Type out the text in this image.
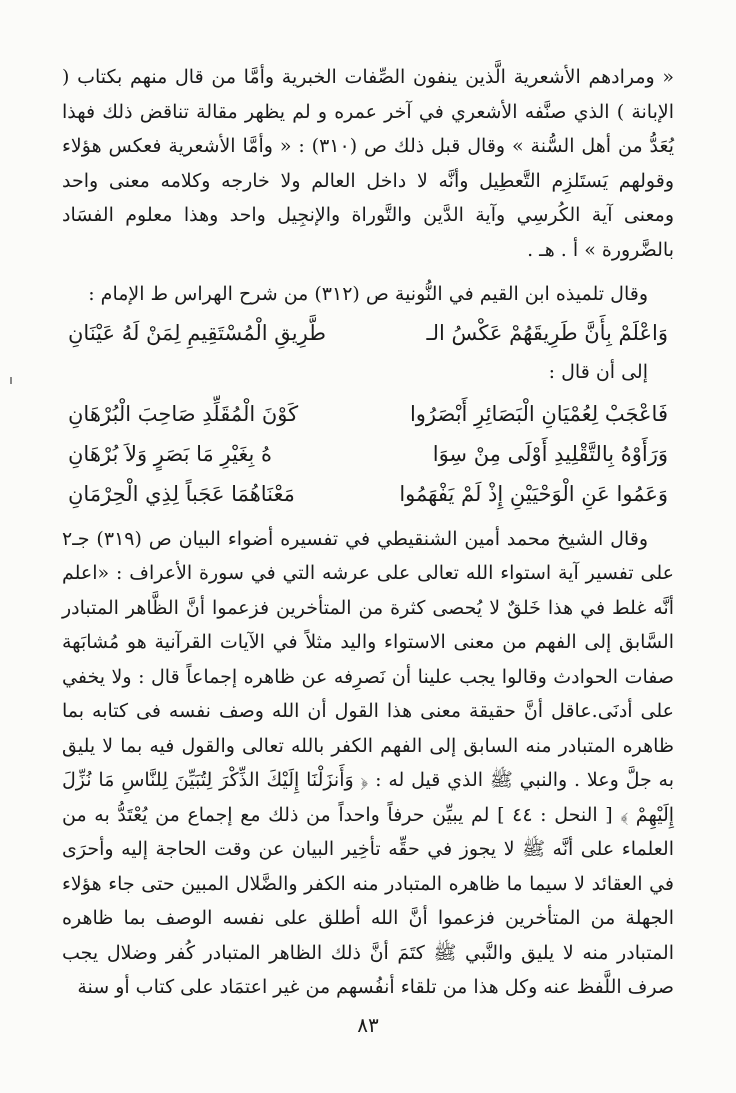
« ومرادهم الأشعرية الَّذين ينفون الصِّفات الخبرية وأمَّا من قال منهم بكتاب ( الإبانة ) الذي صنَّفه الأشعري في آخر عمره و لم يظهر مقالة تناقض ذلك فهذا يُعَدُّ من أهل السُّنة » وقال قبل ذلك ص (٣١٠) : « وأمَّا الأشعرية فعكس هؤلاء وقولهم يَستَلزِم التَّعطِيل وأنَّه لا داخل العالم ولا خارجه وكلامه معنى واحد ومعنى آية الكُرسِي وآية الدَّين والتَّوراة والإنجِيل واحد وهذا معلوم الفسَاد بالضَّرورة » أ . هـ .

وقال تلميذه ابن القيم في النُّونية ص (٣١٢) من شرح الهراس ط الإمام :

وَاعْلَمْ بِأَنَّ طَرِيقَهُمْ عَكْسُ الـ
طَّرِيقِ الْمُسْتَقِيمِ لِمَنْ لَهُ عَيْنَانِ

إلى أن قال :

فَاعْجَبْ لِعُمْيَانِ الْبَصَائِرِ أَبْصَرُوا
كَوْنَ الْمُقَلِّدِ صَاحِبَ الْبُرْهَانِ
وَرَأَوْهُ بِالتَّقْلِيدِ أَوْلَى مِنْ سِوَا
هُ بِغَيْرِ مَا بَصَرٍ وَلاَ بُرْهَانِ
وَعَمُوا عَنِ الْوَحْيَيْنِ إِذْ لَمْ يَفْهَمُوا
مَعْنَاهُمَا عَجَباً لِذِي الْحِرْمَانِ

وقال الشيخ محمد أمين الشنقيطي في تفسيره أضواء البيان ص (٣١٩) جـ٢ على تفسير آية استواء الله تعالى على عرشه التي في سورة الأعراف : «اعلم أنَّه غلط في هذا خَلقٌ لا يُحصى كثرة من المتأخرين فزعموا أنَّ الظَّاهر المتبادر السَّابق إلى الفهم من معنى الاستواء واليد مثلاً في الآيات القرآنية هو مُشابَهة صفات الحوادث وقالوا يجب علينا أن نَصرِفه عن ظاهره إجماعاً قال : ولا يخفي على أدنَى.عاقل أنَّ حقيقة معنى هذا القول أن الله وصف نفسه فى كتابه بما ظاهره المتبادر منه السابق إلى الفهم الكفر بالله تعالى والقول فيه بما لا يليق به جلَّ وعلا . والنبي ﷺ الذي قيل له : ﴿ وَأَنزَلْنَا إِلَيْكَ الذِّكْرَ لِتُبَيِّنَ لِلنَّاسِ مَا نُزِّلَ إِلَيْهِمْ ﴾ [ النحل : ٤٤ ] لم يبيِّن حرفاً واحداً من ذلك مع إجماع من يُعْتَدُّ به من العلماء على أنَّه ﷺ لا يجوز في حقِّه تأخِير البيان عن وقت الحاجة إليه وأحرَى في العقائد لا سيما ما ظاهره المتبادر منه الكفر والضَّلال المبين حتى جاء هؤلاء الجهلة من المتأخرين فزعموا أنَّ الله أطلق على نفسه الوصف بما ظاهره المتبادر منه لا يليق والنَّبي ﷺ كتَمَ أنَّ ذلك الظاهر المتبادر كُفر وضلال يجب صرف اللَّفظ عنه وكل هذا من تلقاء أنفُسهم من غير اعتمَاد على كتاب أو سنة

٨٣
